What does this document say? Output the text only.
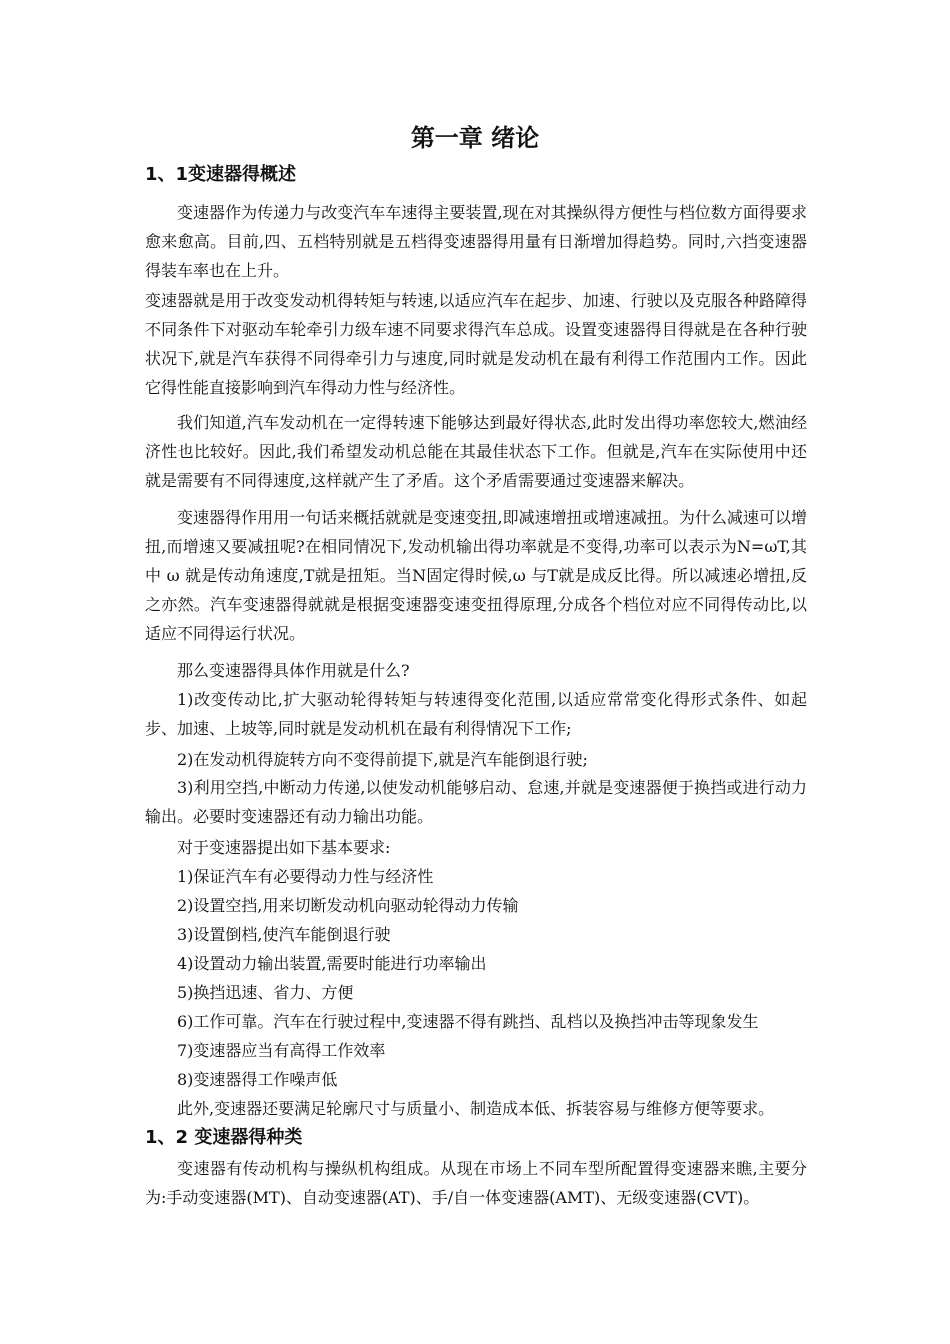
第一章 绪论
1、1变速器得概述

变速器作为传递力与改变汽车车速得主要装置,现在对其操纵得方便性与档位数方面得要求愈来愈高。目前,四、五档特别就是五档得变速器得用量有日渐增加得趋势。同时,六挡变速器得装车率也在上升。

变速器就是用于改变发动机得转矩与转速,以适应汽车在起步、加速、行驶以及克服各种路障得不同条件下对驱动车轮牵引力级车速不同要求得汽车总成。设置变速器得目得就是在各种行驶状况下,就是汽车获得不同得牵引力与速度,同时就是发动机在最有利得工作范围内工作。因此它得性能直接影响到汽车得动力性与经济性。

我们知道,汽车发动机在一定得转速下能够达到最好得状态,此时发出得功率您较大,燃油经济性也比较好。因此,我们希望发动机总能在其最佳状态下工作。但就是,汽车在实际使用中还就是需要有不同得速度,这样就产生了矛盾。这个矛盾需要通过变速器来解决。

变速器得作用用一句话来概括就就是变速变扭,即减速增扭或增速减扭。为什么减速可以增扭,而增速又要减扭呢?在相同情况下,发动机输出得功率就是不变得,功率可以表示为N=ωT,其中 ω 就是传动角速度,T就是扭矩。当N固定得时候,ω 与T就是成反比得。所以减速必增扭,反之亦然。汽车变速器得就就是根据变速器变速变扭得原理,分成各个档位对应不同得传动比,以适应不同得运行状况。

那么变速器得具体作用就是什么?

1)改变传动比,扩大驱动轮得转矩与转速得变化范围,以适应常常变化得形式条件、如起步、加速、上坡等,同时就是发动机机在最有利得情况下工作;

2)在发动机得旋转方向不变得前提下,就是汽车能倒退行驶;

3)利用空挡,中断动力传递,以使发动机能够启动、怠速,并就是变速器便于换挡或进行动力输出。必要时变速器还有动力输出功能。

对于变速器提出如下基本要求:

1)保证汽车有必要得动力性与经济性

2)设置空挡,用来切断发动机向驱动轮得动力传输

3)设置倒档,使汽车能倒退行驶

4)设置动力输出装置,需要时能进行功率输出

5)换挡迅速、省力、方便

6)工作可靠。汽车在行驶过程中,变速器不得有跳挡、乱档以及换挡冲击等现象发生

7)变速器应当有高得工作效率

8)变速器得工作噪声低

此外,变速器还要满足轮廓尺寸与质量小、制造成本低、拆装容易与维修方便等要求。

1、2 变速器得种类

变速器有传动机构与操纵机构组成。从现在市场上不同车型所配置得变速器来瞧,主要分为:手动变速器(MT)、自动变速器(AT)、手/自一体变速器(AMT)、无级变速器(CVT)。
